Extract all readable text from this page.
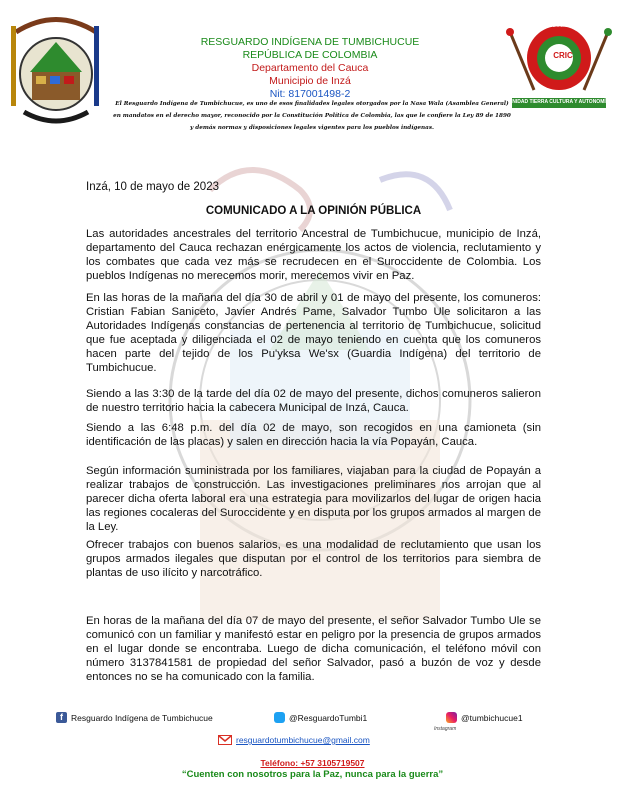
CRIC
CONSEJO REGIONAL INDÍGENA DEL CAUCA
UNIDAD TIERRA CULTURA Y AUTONOMÍA
RESGUARDO INDÍGENA DE TUMBICHUCUE
REPÚBLICA DE COLOMBIA
Departamento del Cauca
Municipio de Inzá
Nit: 817001498-2
El Resguardo Indígena de Tumbichucue, es uno de esos finalidades legales otorgados por la Nasa Wala (Asamblea General) en mandatos en el derecho mayor, reconocido por la Constitución Política de Colombia, las que le confiere la Ley 89 de 1890 y demás normas y disposiciones legales vigentes para los pueblos indígenas.
Inzá, 10 de mayo de 2023
COMUNICADO A LA OPINIÓN PÚBLICA
Las autoridades ancestrales del territorio Ancestral de Tumbichucue, municipio de Inzá, departamento del Cauca rechazan enérgicamente los actos de violencia, reclutamiento y los combates que cada vez más se recrudecen en el Suroccidente de Colombia. Los pueblos Indígenas no merecemos morir, merecemos vivir en Paz.
En las horas de la mañana del día 30 de abril y 01 de mayo del presente, los comuneros: Cristian Fabian Saniceto, Javier Andrés Pame, Salvador Tumbo Ule solicitaron a las Autoridades Indígenas constancias de pertenencia al territorio de Tumbichucue, solicitud que fue aceptada y diligenciada el 02 de mayo teniendo en cuenta que los comuneros hacen parte del tejido de los Pu'yksa We'sx (Guardia Indígena) del territorio de Tumbichucue.
Siendo a las 3:30 de la tarde del día 02 de mayo del presente, dichos comuneros salieron de nuestro territorio hacia la cabecera Municipal de Inzá, Cauca.
Siendo a las 6:48 p.m. del día 02 de mayo, son recogidos en una camioneta (sin identificación de las placas) y salen en dirección hacia la vía Popayán, Cauca.
Según información suministrada por los familiares, viajaban para la ciudad de Popayán a realizar trabajos de construcción. Las investigaciones preliminares nos arrojan que al parecer dicha oferta laboral era una estrategia para movilizarlos del lugar de origen hacia las regiones cocaleras del Suroccidente y en disputa por los grupos armados al margen de la Ley.
Ofrecer trabajos con buenos salarios, es una modalidad de reclutamiento que usan los grupos armados ilegales que disputan por el control de los territorios para siembra de plantas de uso ilícito y narcotráfico.
En horas de la mañana del día 07 de mayo del presente, el señor Salvador Tumbo Ule se comunicó con un familiar y manifestó estar en peligro por la presencia de grupos armados en el lugar donde se encontraba. Luego de dicha comunicación, el teléfono móvil con número 3137841581 de propiedad del señor Salvador, pasó a buzón de voz y desde entonces no se ha comunicado con la familia.
f Resguardo Indígena de Tumbichucue	@ResguardoTumbi1	@tumbichucue1
Instagram
resguardotumbichucue@gmail.com
Teléfono: +57 3105719507
“Cuenten con nosotros para la Paz, nunca para la guerra”
